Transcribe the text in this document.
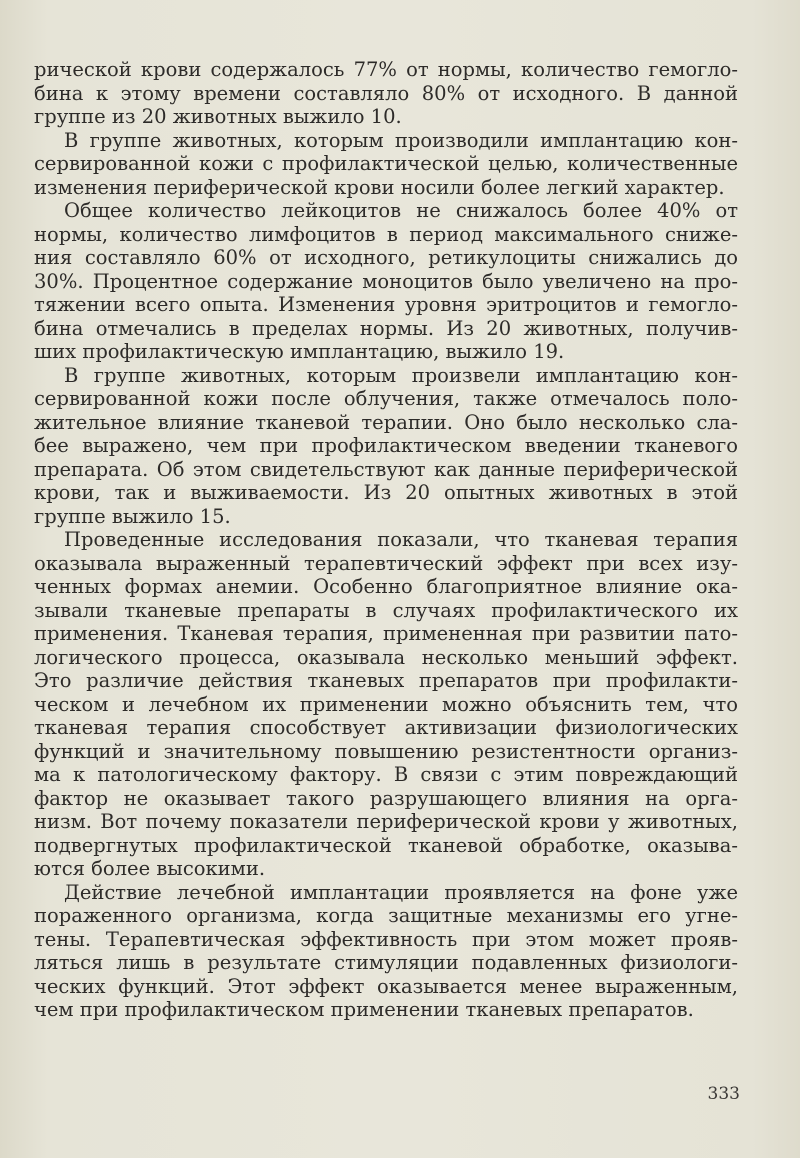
рической крови содержалось 77% от нормы, количество гемогло-
бина к этому времени составляло 80% от исходного. В данной
группе из 20 животных выжило 10.
В группе животных, которым производили имплантацию кон-
сервированной кожи с профилактической целью, количественные
изменения периферической крови носили более легкий характер.
Общее количество лейкоцитов не снижалось более 40% от
нормы, количество лимфоцитов в период максимального сниже-
ния составляло 60% от исходного, ретикулоциты снижались до
30%. Процентное содержание моноцитов было увеличено на про-
тяжении всего опыта. Изменения уровня эритроцитов и гемогло-
бина отмечались в пределах нормы. Из 20 животных, получив-
ших профилактическую имплантацию, выжило 19.
В группе животных, которым произвели имплантацию кон-
сервированной кожи после облучения, также отмечалось поло-
жительное влияние тканевой терапии. Оно было несколько сла-
бее выражено, чем при профилактическом введении тканевого
препарата. Об этом свидетельствуют как данные периферической
крови, так и выживаемости. Из 20 опытных животных в этой
группе выжило 15.
Проведенные исследования показали, что тканевая терапия
оказывала выраженный терапевтический эффект при всех изу-
ченных формах анемии. Особенно благоприятное влияние ока-
зывали тканевые препараты в случаях профилактического их
применения. Тканевая терапия, примененная при развитии пато-
логического процесса, оказывала несколько меньший эффект.
Это различие действия тканевых препаратов при профилакти-
ческом и лечебном их применении можно объяснить тем, что
тканевая терапия способствует активизации физиологических
функций и значительному повышению резистентности организ-
ма к патологическому фактору. В связи с этим повреждающий
фактор не оказывает такого разрушающего влияния на орга-
низм. Вот почему показатели периферической крови у животных,
подвергнутых профилактической тканевой обработке, оказыва-
ются более высокими.
Действие лечебной имплантации проявляется на фоне уже
пораженного организма, когда защитные механизмы его угне-
тены. Терапевтическая эффективность при этом может прояв-
ляться лишь в результате стимуляции подавленных физиологи-
ческих функций. Этот эффект оказывается менее выраженным,
чем при профилактическом применении тканевых препаратов.
333
